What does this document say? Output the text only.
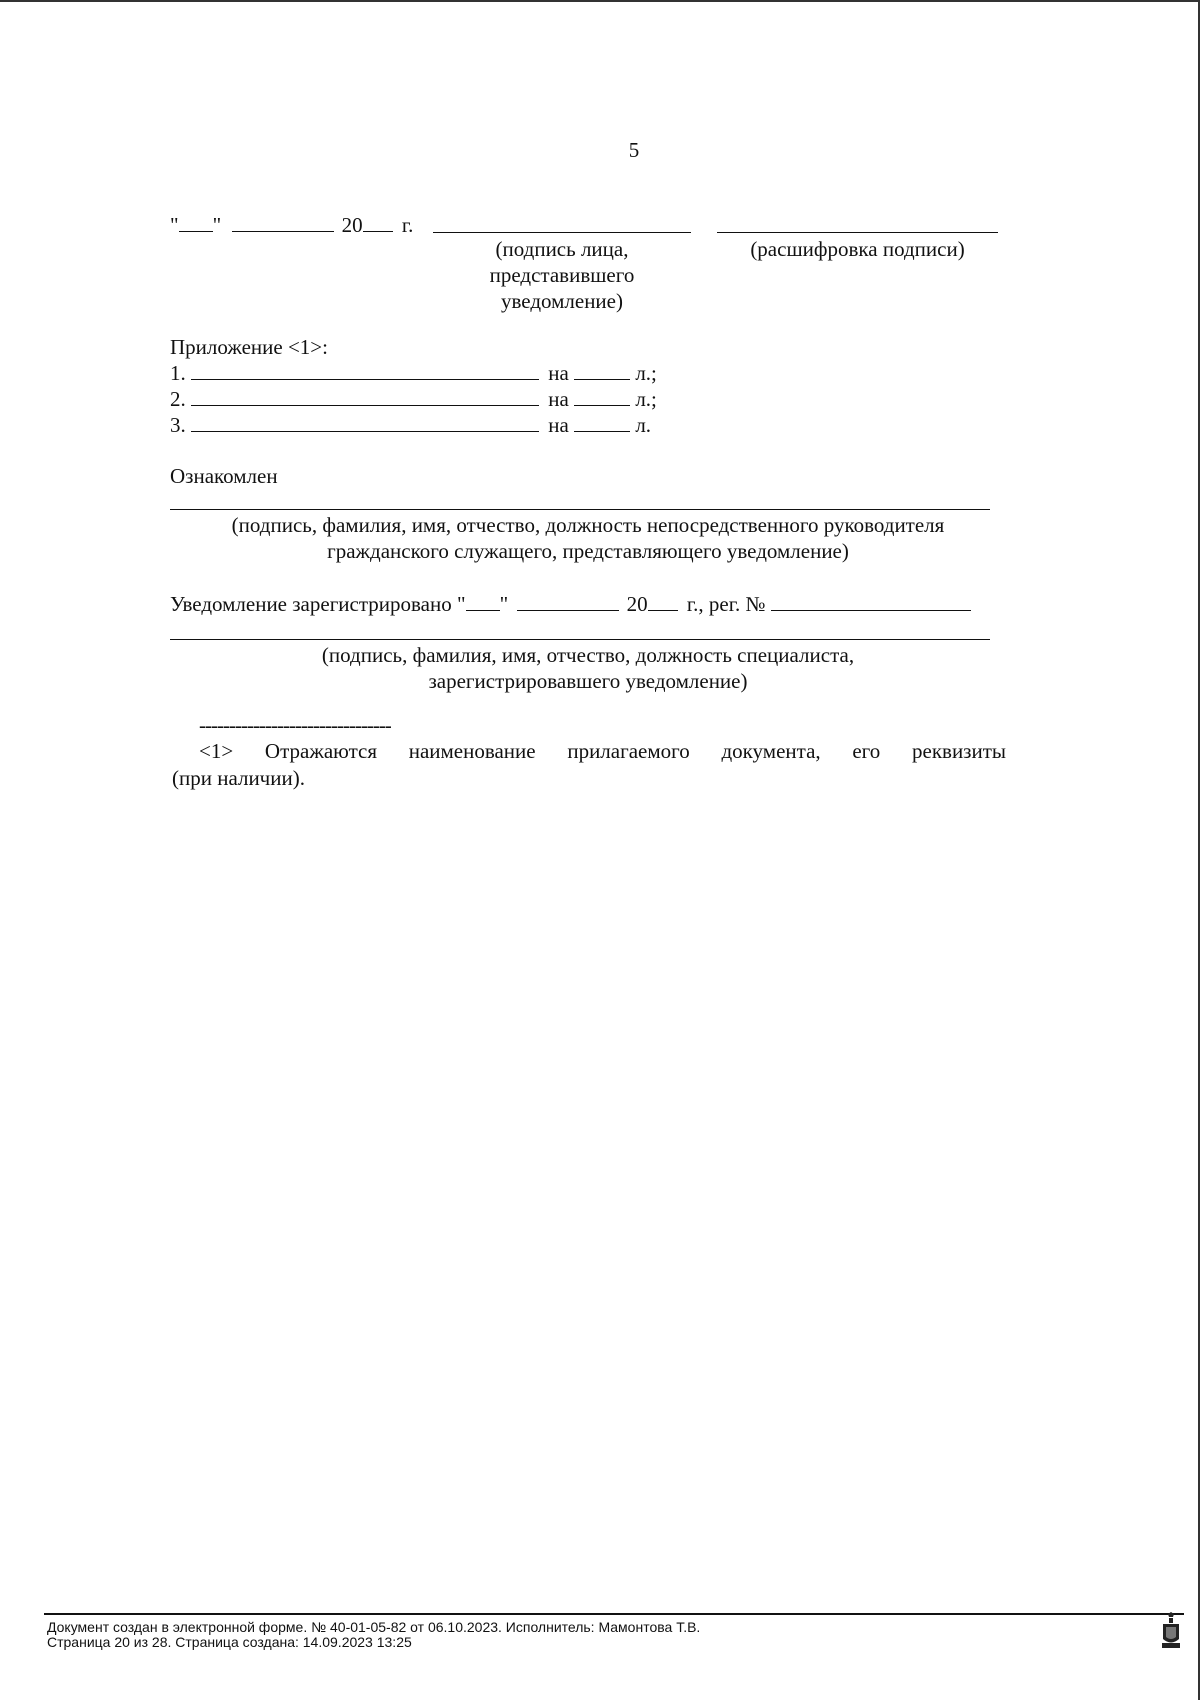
5
" "	20 г.
(подпись лица,
представившего
уведомление)
(расшифровка подписи)
Приложение <1>:
1.	на	л.;
2.	на	л.;
3.	на	л.
Ознакомлен
(подпись, фамилия, имя, отчество, должность непосредственного руководителя
гражданского служащего, представляющего уведомление)
Уведомление зарегистрировано " "	20 г., рег. №
(подпись, фамилия, имя, отчество, должность специалиста,
зарегистрировавшего уведомление)
--------------------------------
<1> Отражаются наименование прилагаемого документа, его реквизиты
(при наличии).
Документ создан в электронной форме. № 40-01-05-82 от 06.10.2023. Исполнитель: Мамонтова Т.В.
Страница 20 из 28. Страница создана: 14.09.2023 13:25
